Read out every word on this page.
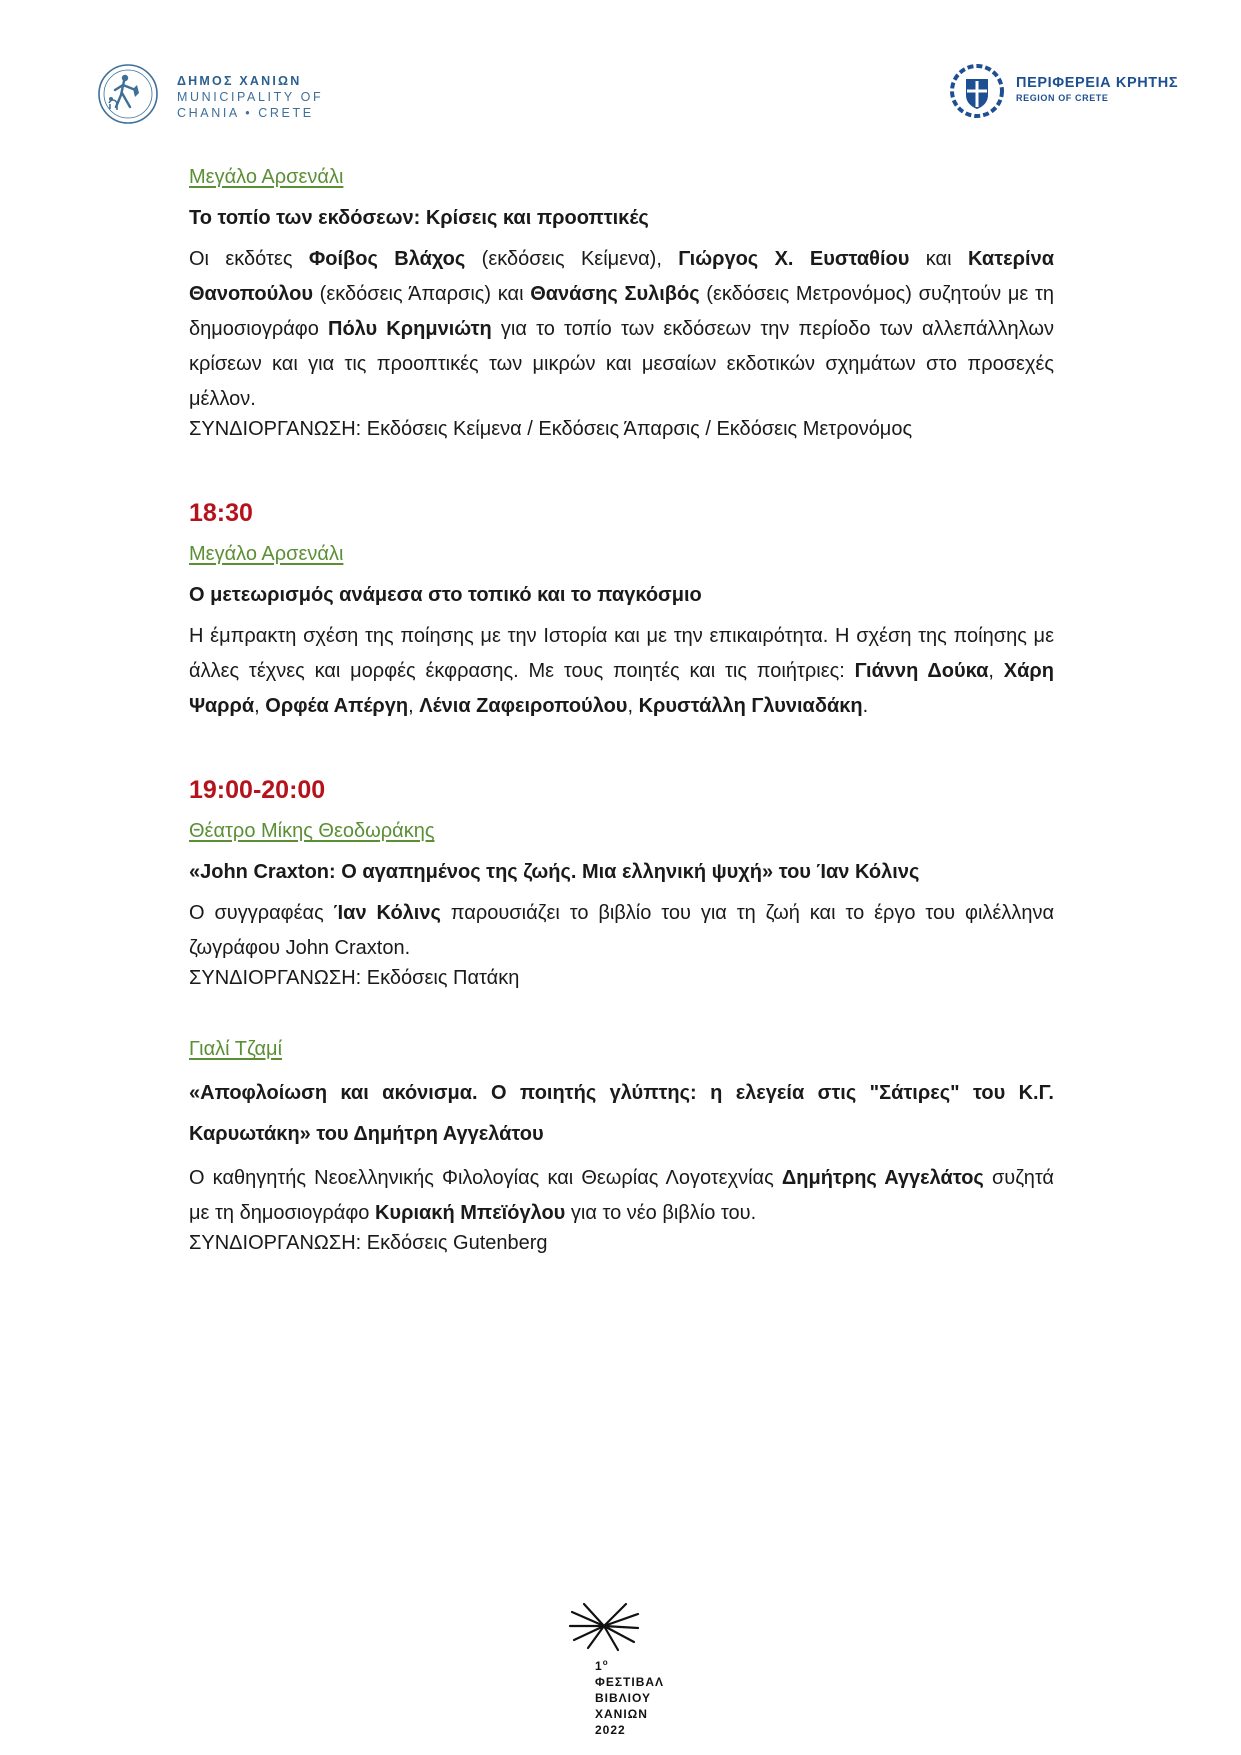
ΔΗΜΟΣ ΧΑΝΙΩΝ
MUNICIPALITY OF
CHANIA • CRETE
ΠΕΡΙΦΕΡΕΙΑ ΚΡΗΤΗΣ
REGION OF CRETE

Μεγάλο Αρσενάλι

Το τοπίο των εκδόσεων: Κρίσεις και προοπτικές

Οι εκδότες Φοίβος Βλάχος (εκδόσεις Κείμενα), Γιώργος Χ. Ευσταθίου και Κατερίνα Θανοπούλου (εκδόσεις Άπαρσις) και Θανάσης Συλιβός (εκδόσεις Μετρονόμος) συζητούν με τη δημοσιογράφο Πόλυ Κρημνιώτη για το τοπίο των εκδόσεων την περίοδο των αλλεπάλληλων κρίσεων και για τις προοπτικές των μικρών και μεσαίων εκδοτικών σχημάτων στο προσεχές μέλλον.

ΣΥΝΔΙΟΡΓΑΝΩΣΗ: Εκδόσεις Κείμενα / Εκδόσεις Άπαρσις / Εκδόσεις Μετρονόμος

18:30

Μεγάλο Αρσενάλι

Ο μετεωρισμός ανάμεσα στο τοπικό και το παγκόσμιο

Η έμπρακτη σχέση της ποίησης με την Ιστορία και με την επικαιρότητα. Η σχέση της ποίησης με άλλες τέχνες και μορφές έκφρασης. Με τους ποιητές και τις ποιήτριες: Γιάννη Δούκα, Χάρη Ψαρρά, Ορφέα Απέργη, Λένια Ζαφειροπούλου, Κρυστάλλη Γλυνιαδάκη.

19:00-20:00

Θέατρο Μίκης Θεοδωράκης

«John Craxton: Ο αγαπημένος της ζωής. Μια ελληνική ψυχή» του Ίαν Κόλινς

Ο συγγραφέας Ίαν Κόλινς παρουσιάζει το βιβλίο του για τη ζωή και το έργο του φιλέλληνα ζωγράφου John Craxton.

ΣΥΝΔΙΟΡΓΑΝΩΣΗ: Εκδόσεις Πατάκη

Γιαλί Τζαμί

«Αποφλοίωση και ακόνισμα. Ο ποιητής γλύπτης: η ελεγεία στις "Σάτιρες" του Κ.Γ. Καρυωτάκη» του Δημήτρη Αγγελάτου

Ο καθηγητής Νεοελληνικής Φιλολογίας και Θεωρίας Λογοτεχνίας Δημήτρης Αγγελάτος συζητά με τη δημοσιογράφο Κυριακή Μπεϊόγλου για το νέο βιβλίο του.

ΣΥΝΔΙΟΡΓΑΝΩΣΗ: Εκδόσεις Gutenberg

$1^o$
ΦΕΣΤΙΒΑΛ
ΒΙΒΛΙΟΥ
ΧΑΝΙΩΝ
2022
